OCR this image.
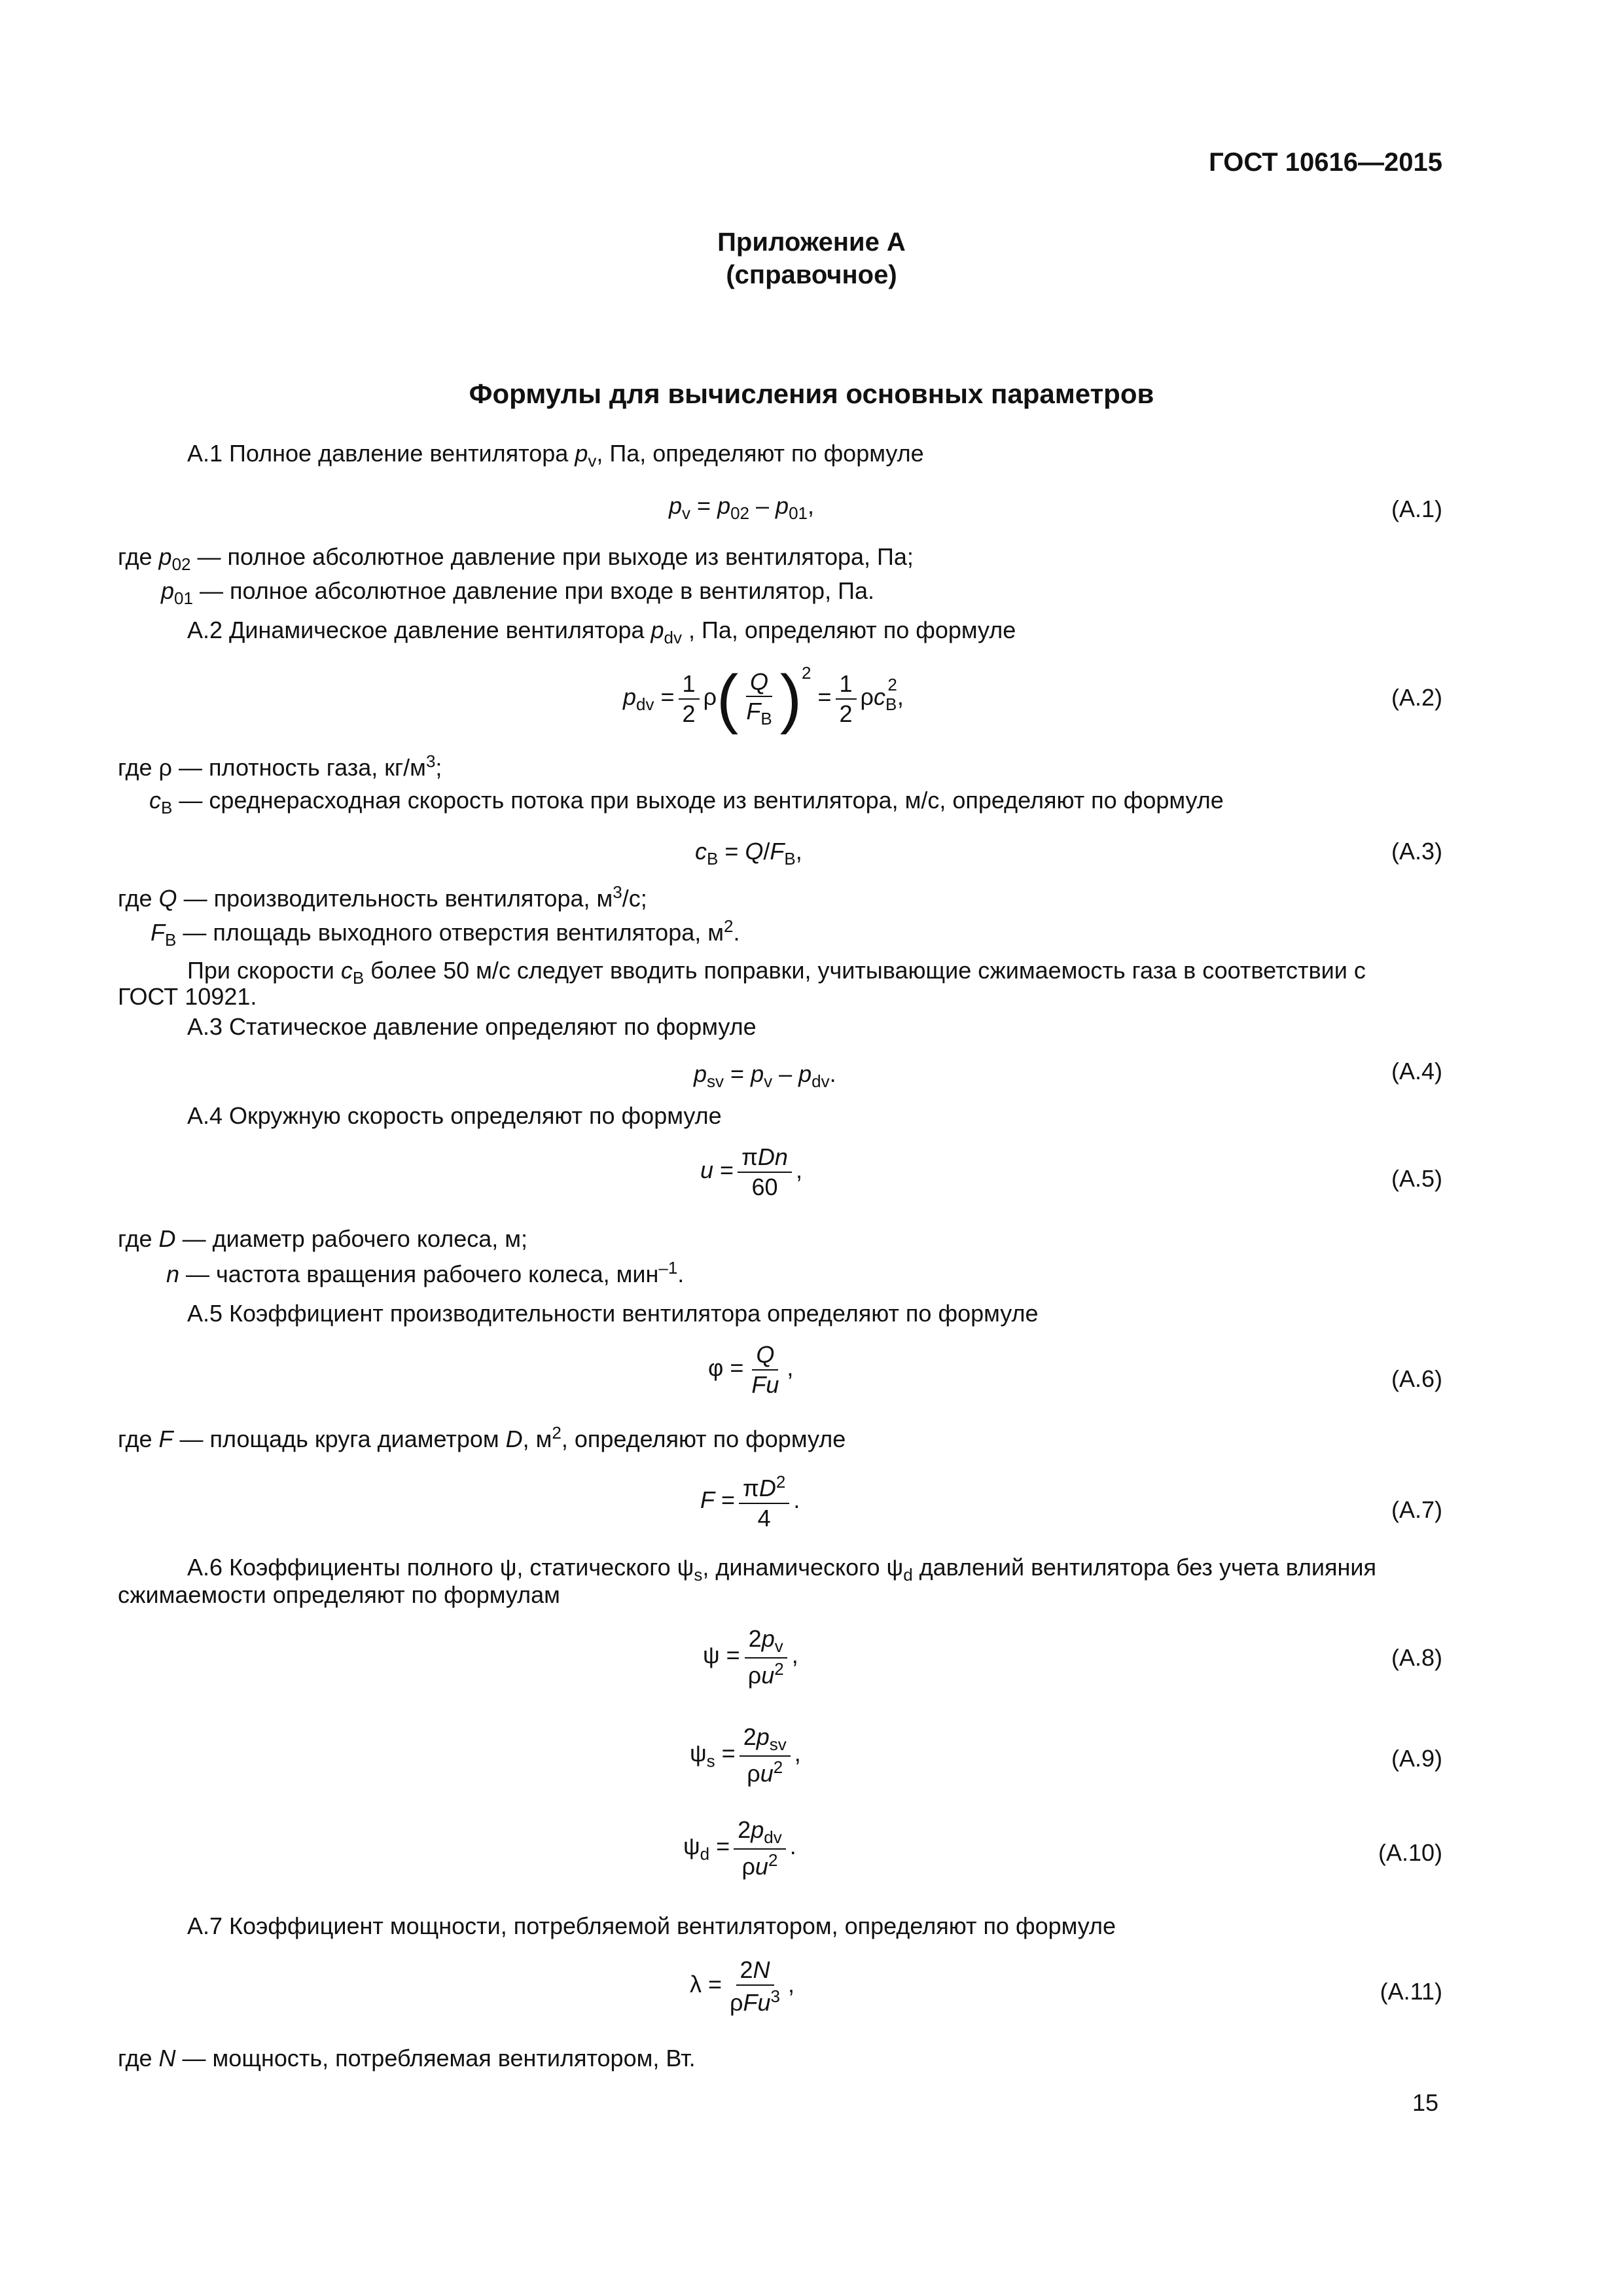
ГОСТ 10616—2015
Приложение А
(справочное)
Формулы для вычисления основных параметров
А.1 Полное давление вентилятора $p_v$, Па, определяют по формуле
$p_v = p_{02} - p_{01}$,	(А.1)
где $p_{02}$ — полное абсолютное давление при выходе из вентилятора, Па;
$p_{01}$ — полное абсолютное давление при входе в вентилятор, Па.
А.2 Динамическое давление вентилятора $p_{dv}$ , Па, определяют по формуле
$p_{dv} = \frac{1}{2} \rho( \frac{Q}{F_B} )^2 = \frac{1}{2} \rho c_B^2$,	(А.2)
где ρ — плотность газа, $кг/м^3$;
$c_B$ — среднерасходная скорость потока при выходе из вентилятора, м/с, определяют по формуле
$c_B = Q/F_B$,	(А.3)
где Q — производительность вентилятора, $м^3/с$;
$F_B$ — площадь выходного отверстия вентилятора, $м^2$.
При скорости $c_B$ более 50 м/с следует вводить поправки, учитывающие сжимаемость газа в соответствии с
ГОСТ 10921.
А.3 Статическое давление определяют по формуле
$p_{sv} = p_v - p_{dv}$.	(А.4)
А.4 Окружную скорость определяют по формуле
$u = \frac{\text{πDn}}{60}$ ,	(А.5)
где D — диаметр рабочего колеса, м;
n — частота вращения рабочего колеса, мин$^{-1}$.
А.5 Коэффициент производительности вентилятора определяют по формуле
$\varphi = \frac{Q}{Fu}$ ,	(А.6)
где F — площадь круга диаметром D, $м^2$, определяют по формуле
$F = \frac{\pi D^2}{4}$ .	(А.7)
А.6 Коэффициенты полного ψ, статического $\psi_s$, динамического $\psi_d$ давлений вентилятора без учета влияния
сжимаемости определяют по формулам
$\psi = \frac{2p_v}{\rho u^2}$ ,	(А.8)
$\psi_s = \frac{2p_{sv}}{\rho u^2}$ ,	(А.9)
$\psi_d = \frac{2p_{dv}}{\rho u^2}$ .	(А.10)
А.7 Коэффициент мощности, потребляемой вентилятором, определяют по формуле
$\lambda = \frac{2N}{\rho Fu^3}$ ,	(А.11)
где N — мощность, потребляемая вентилятором, Вт.
15
